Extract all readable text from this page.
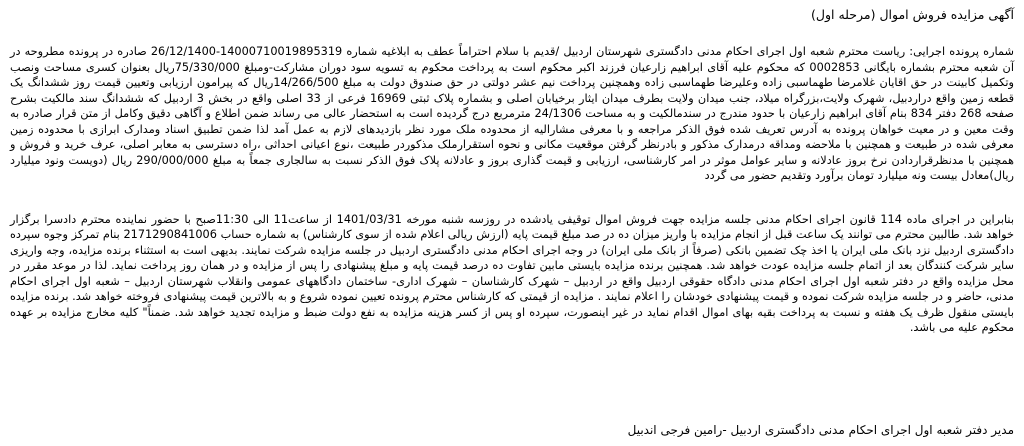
آگهی مزایده فروش اموال (مرحله اول)

شماره پرونده اجرایی: ریاست محترم شعبه اول اجرای احکام مدنی دادگستری شهرستان اردبیل /قدیم با سلام احتراماً عطف به ابلاغیه شماره 14000710019895319-26/12/1400 صادره در پرونده مطروحه در آن شعبه محترم بشماره بایگانی 0002853 که محکوم علیه آقای ابراهیم زارعیان فرزند اکبر محکوم است به پرداخت محکوم به تسویه سود دوران مشارکت-ومبلغ 75/330/000ریال بعنوان کسری مساحت ونصب وتکمیل کابینت در حق اقایان غلامرضا طهماسبی زاده وعلیرضا طهماسبی زاده وهمچنین پرداخت نیم عشر دولتی در حق صندوق دولت به مبلغ 14/266/500ریال که پیرامون ارزیابی وتعیین قیمت روز ششدانگ یک قطعه زمین واقع دراردبیل، شهرک ولایت،بزرگراه میلاد، جنب میدان ولایت بطرف میدان ایثار برخیابان اصلی و بشماره پلاک ثبتی 16969 فرعی از 33 اصلی واقع در بخش 3 اردبیل که ششدانگ سند مالکیت بشرح صفحه 268 دفتر 834 بنام آقای ابراهیم زارعیان با حدود مندرج در سندمالکیت و به مساحت 24/1306 مترمربع درج گردیده است به استحضار عالی می رساند ضمن اطلاع و آگاهی دقیق وکامل از متن قرار صادره به وقت معین و در معیت خواهان پرونده به آدرس تعریف شده فوق الذکر مراجعه و با معرفی مشارالیه از محدوده ملک مورد نظر بازدیدهای لازم به عمل آمد لذا ضمن تطبیق اسناد ومدارک ابرازی با محدوده زمین معرفی شده در طبیعت و همچنین با ملاحضه ومداقه درمدارک مذکور و بادرنظر گرفتن موقعیت مکانی و نحوه استقرارملک مذکوردر طبیعت ،نوع اعیانی احداثی ،راه دسترسی به معابر اصلی، عرف خرید و فروش و همچنین با مدنظرقراردادن نرخ بروز عادلانه و سایر عوامل موثر در امر کارشناسی، ارزیابی و قیمت گذاری بروز و عادلانه پلاک فوق الذکر نسبت به سالجاری جمعاً به مبلغ 290/000/000 ریال (دویست ونود میلیارد ریال)معادل بیست ونه میلیارد تومان برآورد وتقدیم حضور می گردد

بنابراین در اجرای ماده 114 قانون اجرای احکام مدنی جلسه مزایده جهت فروش اموال توقیفی یادشده در روزسه شنبه مورخه 1401/03/31 از ساعت11 الی 11:30صبح با حضور نماینده محترم دادسرا برگزار خواهد شد. طالبین محترم می توانند یک ساعت قبل از انجام مزایده با واریز میزان ده در صد مبلغ قیمت پایه (ارزش ریالی اعلام شده از سوی کارشناس) به شماره حساب 2171290841006 بنام تمرکز وجوه سپرده دادگستری اردبیل نزد بانک ملی ایران یا اخذ چک تضمین بانکی (صرفاً از بانک ملی ایران) در وجه اجرای احکام مدنی دادگستری اردبیل در جلسه مزایده شرکت نمایند. بدیهی است به استثناء برنده مزایده، وجه واریزی سایر شرکت کنندگان بعد از اتمام جلسه مزایده عودت خواهد شد. همچنین برنده مزایده بایستی مابین تفاوت ده درصد قیمت پایه و مبلغ پیشنهادی را پس از مزایده و در همان روز پرداخت نماید. لذا در موعد مقرر در محل مزایده واقع در دفتر شعبه اول اجرای احکام مدنی دادگاه حقوقی اردبیل واقع در اردبیل – شهرک کارشناسان – شهرک اداری- ساختمان دادگاههای عمومی وانقلاب شهرستان اردبیل – شعبه اول اجرای احکام مدنی، حاضر و در جلسه مزایده شرکت نموده و قیمت پیشنهادی خودشان را اعلام نمایند . مزایده از قیمتی که کارشناس محترم پرونده تعیین نموده شروع و به بالاترین قیمت پیشنهادی فروخته خواهد شد. برنده مزایده بایستی منقول ظرف یک هفته و نسبت به پرداخت بقیه بهای اموال اقدام نماید در غیر اینصورت، سپرده او پس از کسر هزینه مزایده به نفع دولت ضبط و مزایده تجدید خواهد شد. ضمناً" کلیه مخارج مزایده بر عهده محکوم علیه می باشد.

مدیر دفتر شعبه اول اجرای احکام مدنی دادگستری اردبیل -رامین فرجی اندبیل
